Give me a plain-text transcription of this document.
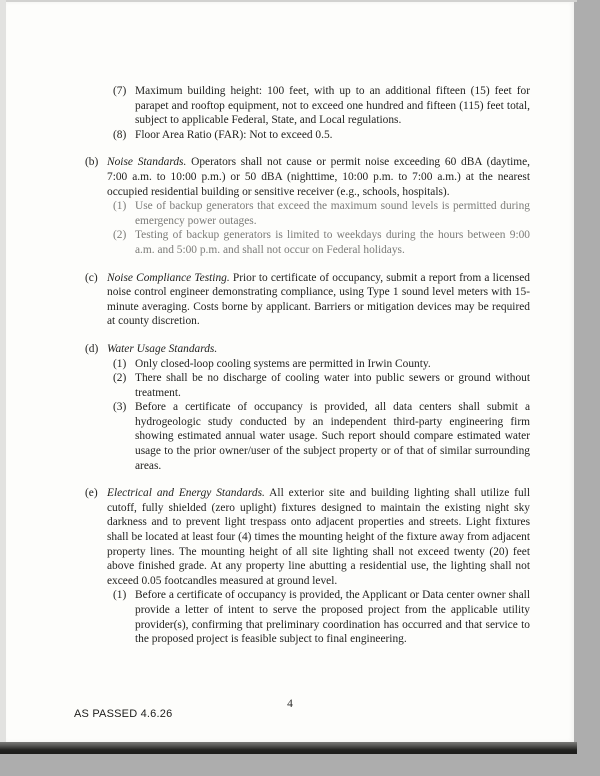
(7) Maximum building height: 100 feet, with up to an additional fifteen (15) feet for parapet and rooftop equipment, not to exceed one hundred and fifteen (115) feet total, subject to applicable Federal, State, and Local regulations.
(8) Floor Area Ratio (FAR): Not to exceed 0.5.
(b) Noise Standards. Operators shall not cause or permit noise exceeding 60 dBA (daytime, 7:00 a.m. to 10:00 p.m.) or 50 dBA (nighttime, 10:00 p.m. to 7:00 a.m.) at the nearest occupied residential building or sensitive receiver (e.g., schools, hospitals).
(1) Use of backup generators that exceed the maximum sound levels is permitted during emergency power outages.
(2) Testing of backup generators is limited to weekdays during the hours between 9:00 a.m. and 5:00 p.m. and shall not occur on Federal holidays.
(c) Noise Compliance Testing. Prior to certificate of occupancy, submit a report from a licensed noise control engineer demonstrating compliance, using Type 1 sound level meters with 15-minute averaging. Costs borne by applicant. Barriers or mitigation devices may be required at county discretion.
(d) Water Usage Standards.
(1) Only closed-loop cooling systems are permitted in Irwin County.
(2) There shall be no discharge of cooling water into public sewers or ground without treatment.
(3) Before a certificate of occupancy is provided, all data centers shall submit a hydrogeologic study conducted by an independent third-party engineering firm showing estimated annual water usage. Such report should compare estimated water usage to the prior owner/user of the subject property or of that of similar surrounding areas.
(e) Electrical and Energy Standards. All exterior site and building lighting shall utilize full cutoff, fully shielded (zero uplight) fixtures designed to maintain the existing night sky darkness and to prevent light trespass onto adjacent properties and streets. Light fixtures shall be located at least four (4) times the mounting height of the fixture away from adjacent property lines. The mounting height of all site lighting shall not exceed twenty (20) feet above finished grade. At any property line abutting a residential use, the lighting shall not exceed 0.05 footcandles measured at ground level.
(1) Before a certificate of occupancy is provided, the Applicant or Data center owner shall provide a letter of intent to serve the proposed project from the applicable utility provider(s), confirming that preliminary coordination has occurred and that service to the proposed project is feasible subject to final engineering.
4
AS PASSED 4.6.26
